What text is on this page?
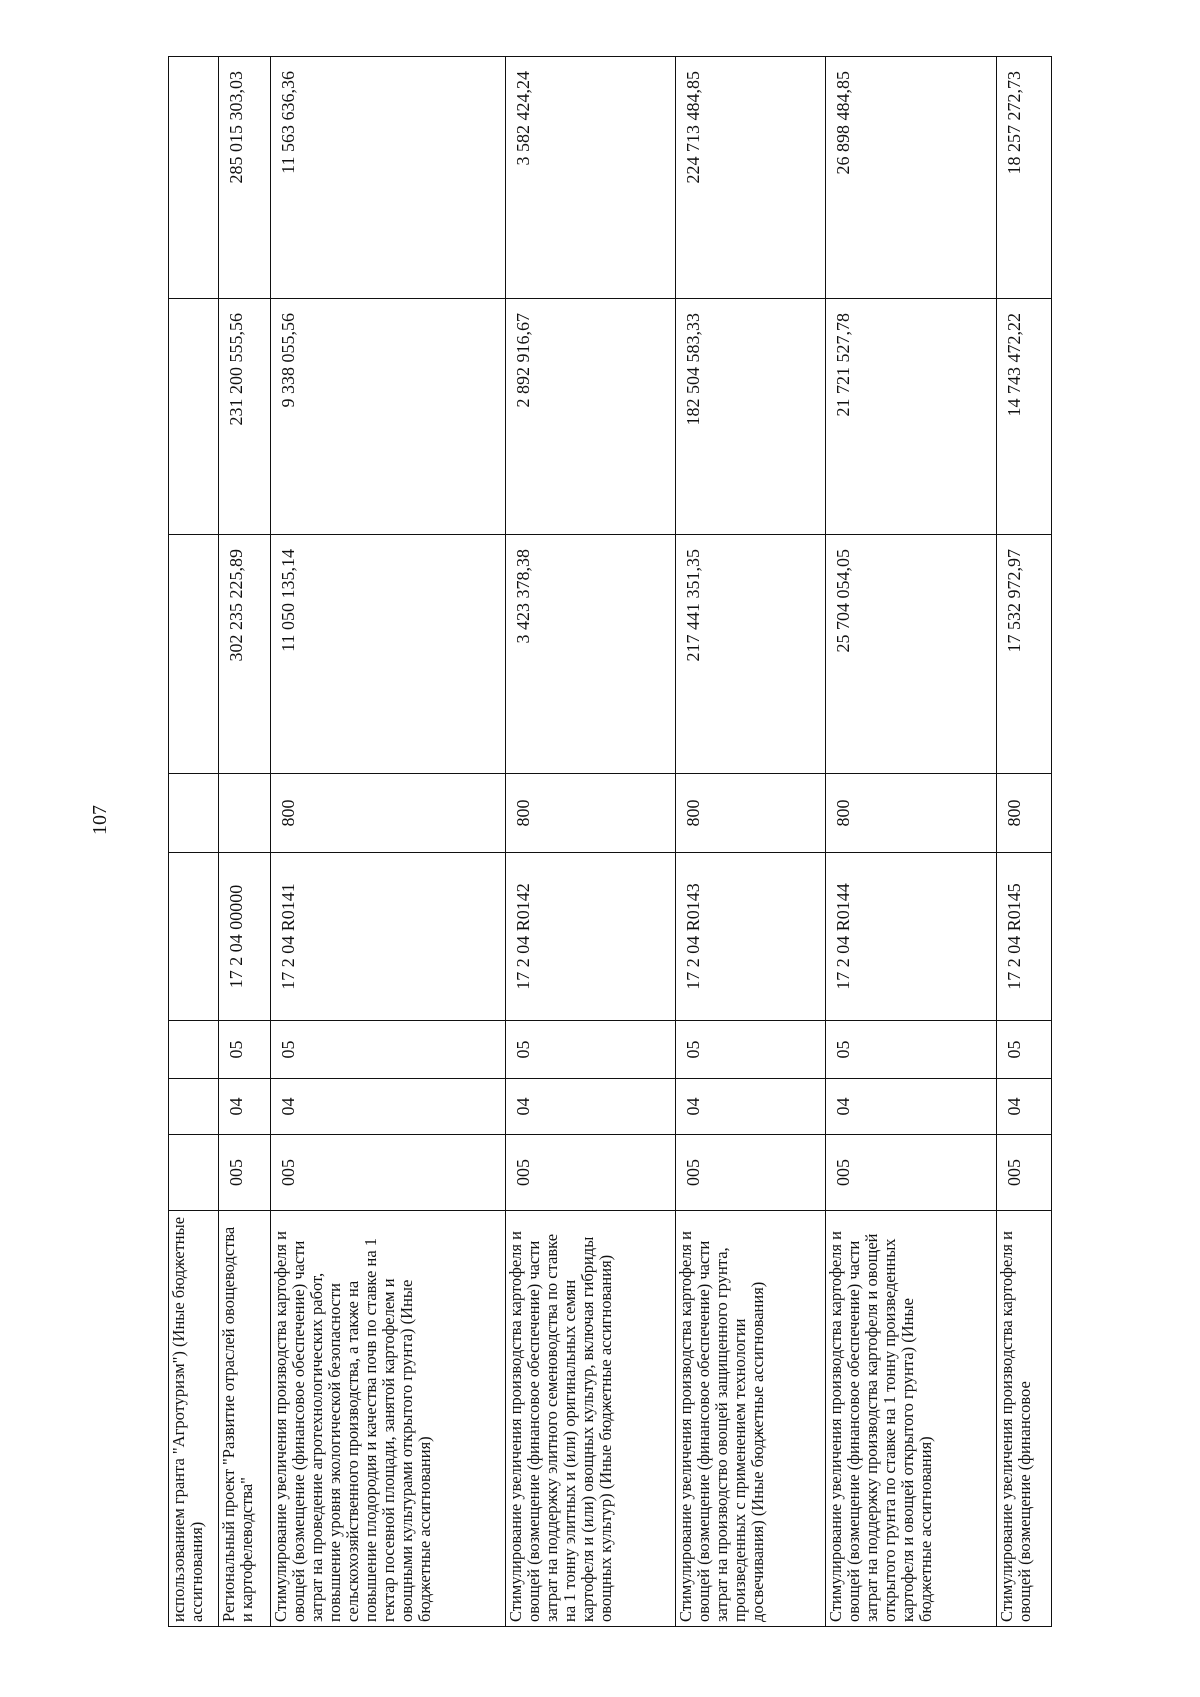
107
использованием гранта "Агротуризм") (Иные бюджетные ассигнования)								
Региональный проект "Развитие отраслей овощеводства и картофелеводства"	005	04	05	17 2 04 00000		302 235 225,89	231 200 555,56	285 015 303,03
Стимулирование увеличения производства картофеля и овощей (возмещение (финансовое обеспечение) части затрат на проведение агротехнологических работ, повышение уровня экологической безопасности сельскохозяйственного производства, а также на повышение плодородия и качества почв по ставке на 1 гектар посевной площади, занятой картофелем и овощными культурами открытого грунта) (Иные бюджетные ассигнования)	005	04	05	17 2 04 R0141	800	11 050 135,14	9 338 055,56	11 563 636,36
Стимулирование увеличения производства картофеля и овощей (возмещение (финансовое обеспечение) части затрат на поддержку элитного семеноводства по ставке на 1 тонну элитных и (или) оригинальных семян картофеля и (или) овощных культур, включая гибриды овощных культур) (Иные бюджетные ассигнования)	005	04	05	17 2 04 R0142	800	3 423 378,38	2 892 916,67	3 582 424,24
Стимулирование увеличения производства картофеля и овощей (возмещение (финансовое обеспечение) части затрат на производство овощей защищенного грунта, произведенных с применением технологии досвечивания) (Иные бюджетные ассигнования)	005	04	05	17 2 04 R0143	800	217 441 351,35	182 504 583,33	224 713 484,85
Стимулирование увеличения производства картофеля и овощей (возмещение (финансовое обеспечение) части затрат на поддержку производства картофеля и овощей открытого грунта по ставке на 1 тонну произведенных картофеля и овощей открытого грунта) (Иные бюджетные ассигнования)	005	04	05	17 2 04 R0144	800	25 704 054,05	21 721 527,78	26 898 484,85
Стимулирование увеличения производства картофеля и овощей (возмещение (финансовое	005	04	05	17 2 04 R0145	800	17 532 972,97	14 743 472,22	18 257 272,73
